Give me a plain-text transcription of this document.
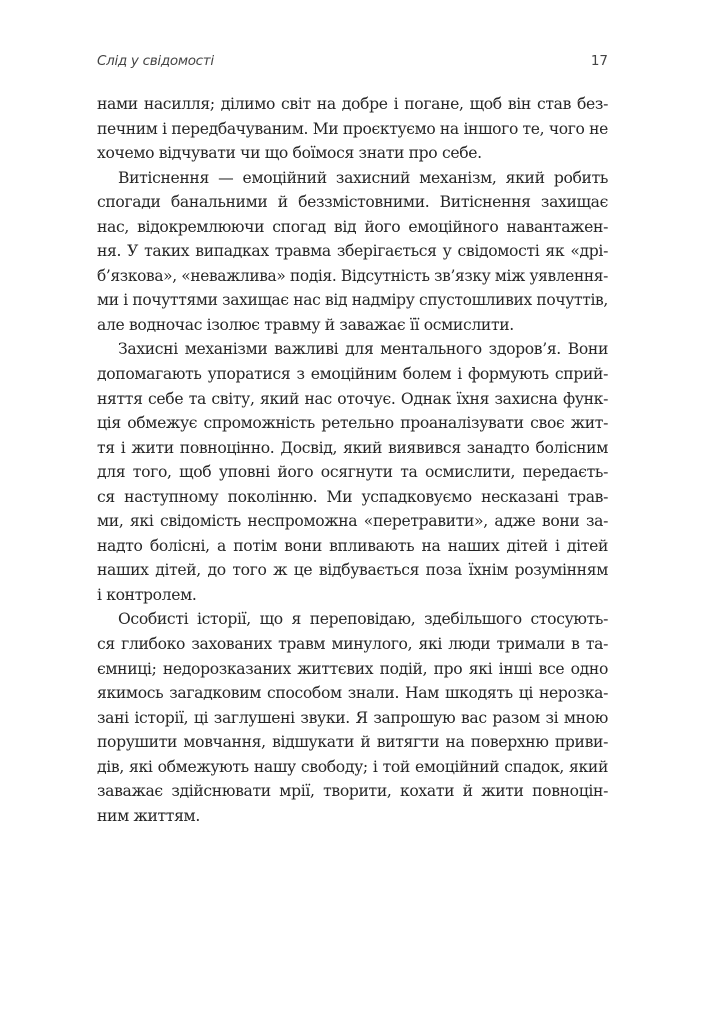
Слід у свідомості	17
нами насилля; ділимо світ на добре і погане, щоб він став без-
печним і передбачуваним. Ми проєктуємо на іншого те, чого не
хочемо відчувати чи що боїмося знати про себе.
Витіснення — емоційний захисний механізм, який робить
спогади банальними й беззмістовними. Витіснення захищає
нас, відокремлюючи спогад від його емоційного навантажен-
ня. У таких випадках травма зберігається у свідомості як «дрі-
б’язкова», «неважлива» подія. Відсутність зв’язку між уявлення-
ми і почуттями захищає нас від надміру спустошливих почуттів,
але водночас ізолює травму й заважає її осмислити.
Захисні механізми важливі для ментального здоров’я. Вони
допомагають упоратися з емоційним болем і формують сприй-
няття себе та світу, який нас оточує. Однак їхня захисна функ-
ція обмежує спроможність ретельно проаналізувати своє жит-
тя і жити повноцінно. Досвід, який виявився занадто болісним
для того, щоб уповні його осягнути та осмислити, передаєть-
ся наступному поколінню. Ми успадковуємо несказані трав-
ми, які свідомість неспроможна «перетравити», адже вони за-
надто болісні, а потім вони впливають на наших дітей і дітей
наших дітей, до того ж це відбувається поза їхнім розумінням
і контролем.
Особисті історії, що я переповідаю, здебільшого стосують-
ся глибоко захованих травм минулого, які люди тримали в та-
ємниці; недорозказаних життєвих подій, про які інші все одно
якимось загадковим способом знали. Нам шкодять ці нерозка-
зані історії, ці заглушені звуки. Я запрошую вас разом зі мною
порушити мовчання, відшукати й витягти на поверхню приви-
дів, які обмежують нашу свободу; і той емоційний спадок, який
заважає здійснювати мрії, творити, кохати й жити повноцін-
ним життям.
